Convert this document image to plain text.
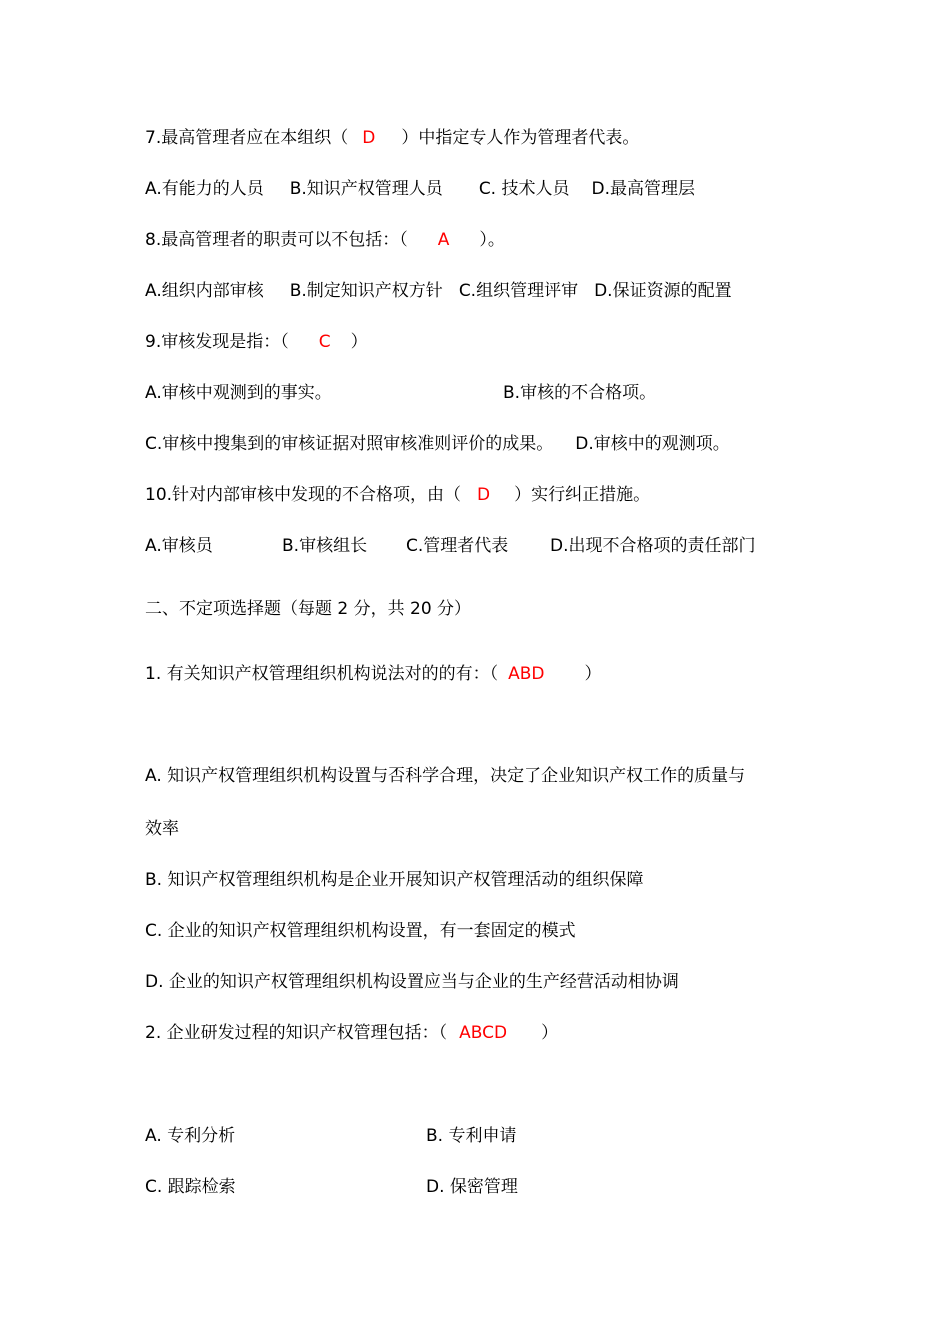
7.最高管理者应在本组织（ D ）中指定专人作为管理者代表。
A.有能力的人员 B.知识产权管理人员 C. 技术人员 D.最高管理层
8.最高管理者的职责可以不包括：（ A ）。
A.组织内部审核 B.制定知识产权方针 C.组织管理评审 D.保证资源的配置
9.审核发现是指：（ C ）
A.审核中观测到的事实。	B.审核的不合格项。
C.审核中搜集到的审核证据对照审核准则评价的成果。 D.审核中的观测项。
10.针对内部审核中发现的不合格项，由（ D ）实行纠正措施。
A.审核员	B.审核组长 C.管理者代表 D.出现不合格项的责任部门
二、不定项选择题（每题 2 分，共 20 分）
1. 有关知识产权管理组织机构说法对的的有：（ ABD ）
A. 知识产权管理组织机构设置与否科学合理，决定了企业知识产权工作的质量与
效率
B. 知识产权管理组织机构是企业开展知识产权管理活动的组织保障
C. 企业的知识产权管理组织机构设置，有一套固定的模式
D. 企业的知识产权管理组织机构设置应当与企业的生产经营活动相协调
2. 企业研发过程的知识产权管理包括：（ ABCD ）
A. 专利分析	B. 专利申请
C. 跟踪检索	D. 保密管理
